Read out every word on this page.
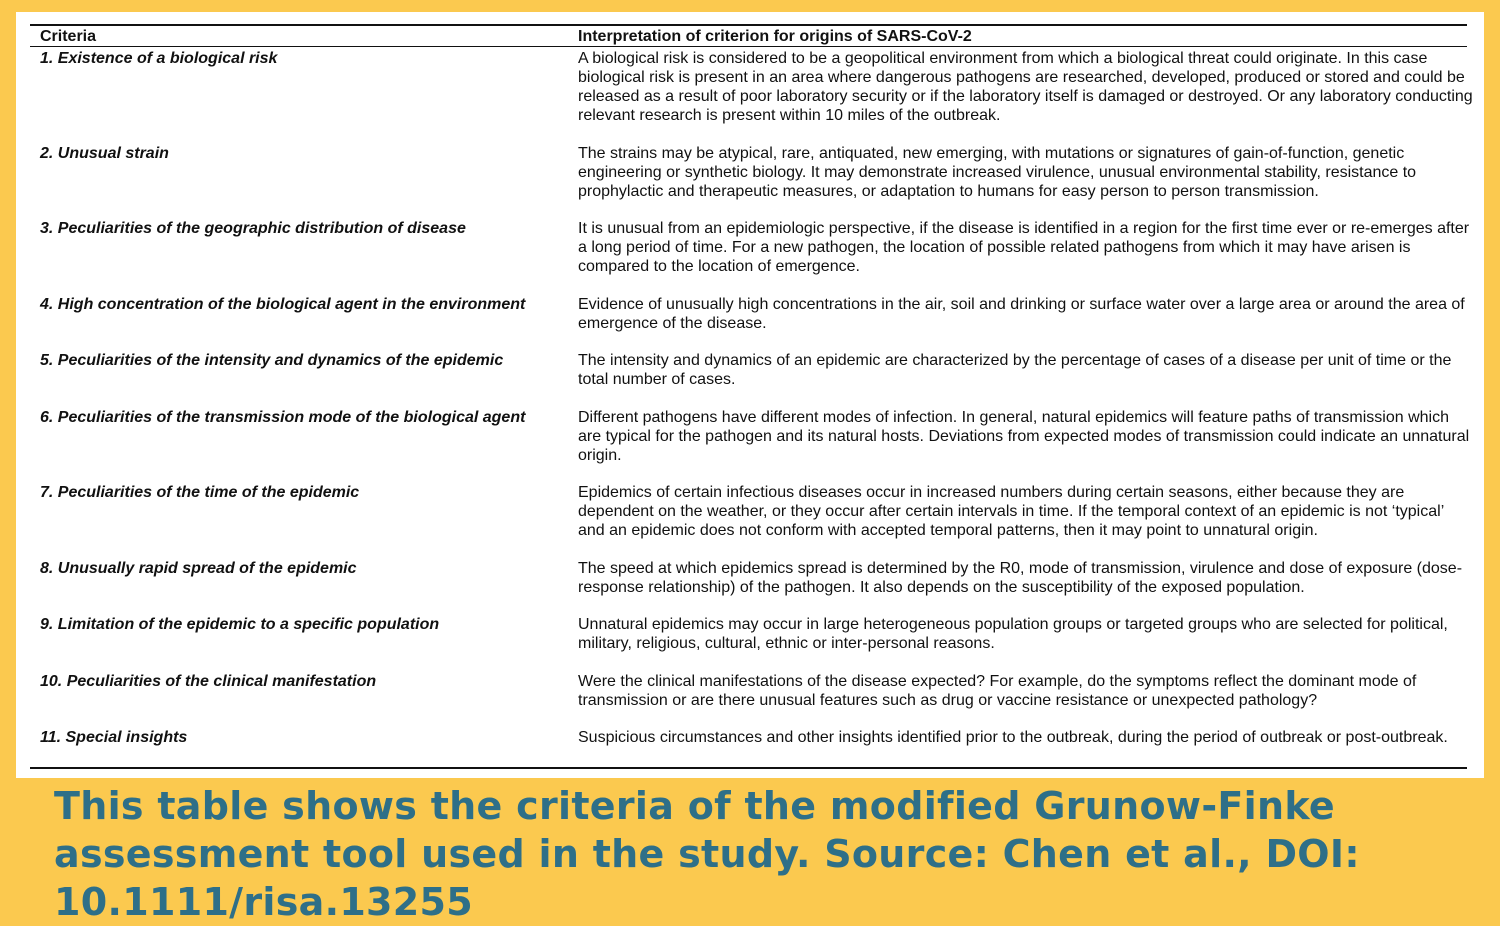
Criteria	Interpretation of criterion for origins of SARS-CoV-2
1. Existence of a biological risk	A biological risk is considered to be a geopolitical environment from which a biological threat could originate. In this case biological risk is present in an area where dangerous pathogens are researched, developed, produced or stored and could be released as a result of poor laboratory security or if the laboratory itself is damaged or destroyed. Or any laboratory conducting relevant research is present within 10 miles of the outbreak.
2. Unusual strain	The strains may be atypical, rare, antiquated, new emerging, with mutations or signatures of gain-of-function, genetic engineering or synthetic biology. It may demonstrate increased virulence, unusual environmental stability, resistance to prophylactic and therapeutic measures, or adaptation to humans for easy person to person transmission.
3. Peculiarities of the geographic distribution of disease	It is unusual from an epidemiologic perspective, if the disease is identified in a region for the first time ever or re-emerges after a long period of time. For a new pathogen, the location of possible related pathogens from which it may have arisen is compared to the location of emergence.
4. High concentration of the biological agent in the environment	Evidence of unusually high concentrations in the air, soil and drinking or surface water over a large area or around the area of emergence of the disease.
5. Peculiarities of the intensity and dynamics of the epidemic	The intensity and dynamics of an epidemic are characterized by the percentage of cases of a disease per unit of time or the total number of cases.
6. Peculiarities of the transmission mode of the biological agent	Different pathogens have different modes of infection. In general, natural epidemics will feature paths of transmission which are typical for the pathogen and its natural hosts. Deviations from expected modes of transmission could indicate an unnatural origin.
7. Peculiarities of the time of the epidemic	Epidemics of certain infectious diseases occur in increased numbers during certain seasons, either because they are dependent on the weather, or they occur after certain intervals in time. If the temporal context of an epidemic is not ‘typical’ and an epidemic does not conform with accepted temporal patterns, then it may point to unnatural origin.
8. Unusually rapid spread of the epidemic	The speed at which epidemics spread is determined by the R0, mode of transmission, virulence and dose of exposure (dose-response relationship) of the pathogen. It also depends on the susceptibility of the exposed population.
9. Limitation of the epidemic to a specific population	Unnatural epidemics may occur in large heterogeneous population groups or targeted groups who are selected for political, military, religious, cultural, ethnic or inter-personal reasons.
10. Peculiarities of the clinical manifestation	Were the clinical manifestations of the disease expected? For example, do the symptoms reflect the dominant mode of transmission or are there unusual features such as drug or vaccine resistance or unexpected pathology?
11. Special insights	Suspicious circumstances and other insights identified prior to the outbreak, during the period of outbreak or post-outbreak.
This table shows the criteria of the modified Grunow-Finke assessment tool used in the study. Source: Chen et al., DOI: 10.1111/risa.13255
